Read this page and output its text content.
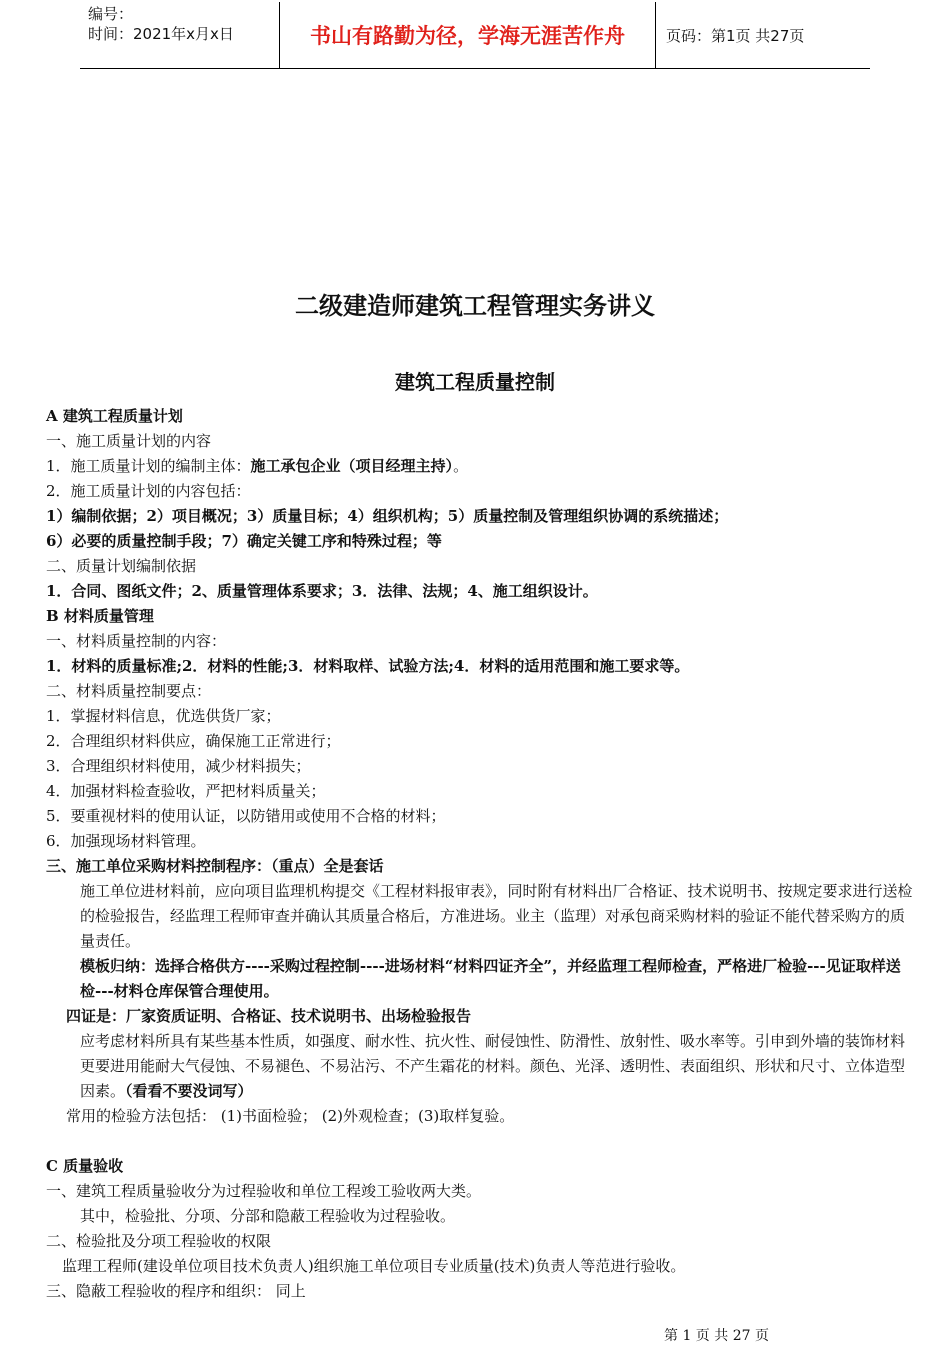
编号：
时间：2021年x月x日	书山有路勤为径，学海无涯苦作舟	页码：第1页 共27页
二级建造师建筑工程管理实务讲义
建筑工程质量控制

A 建筑工程质量计划

一、施工质量计划的内容

1．施工质量计划的编制主体：施工承包企业（项目经理主持）。

2．施工质量计划的内容包括：

1）编制依据；2）项目概况；3）质量目标；4）组织机构；5）质量控制及管理组织协调的系统描述；

6）必要的质量控制手段；7）确定关键工序和特殊过程；等

二、质量计划编制依据

1．合同、图纸文件；2、质量管理体系要求；3．法律、法规；4、施工组织设计。

B 材料质量管理

一、材料质量控制的内容：

1．材料的质量标准;2．材料的性能;3．材料取样、试验方法;4．材料的适用范围和施工要求等。

二、材料质量控制要点：

1．掌握材料信息，优选供货厂家；

2．合理组织材料供应，确保施工正常进行；

3．合理组织材料使用，减少材料损失；

4．加强材料检查验收，严把材料质量关；

5．要重视材料的使用认证，以防错用或使用不合格的材料；

6．加强现场材料管理。

三、施工单位采购材料控制程序：（重点）全是套话

施工单位进材料前，应向项目监理机构提交《工程材料报审表》，同时附有材料出厂合格证、技术说明书、按规定要求进行送检的检验报告，经监理工程师审查并确认其质量合格后，方准进场。业主（监理）对承包商采购材料的验证不能代替采购方的质量责任。

模板归纳：选择合格供方----采购过程控制----进场材料“材料四证齐全”，并经监理工程师检查，严格进厂检验---见证取样送检---材料仓库保管合理使用。

四证是：厂家资质证明、合格证、技术说明书、出场检验报告

应考虑材料所具有某些基本性质，如强度、耐水性、抗火性、耐侵蚀性、防滑性、放射性、吸水率等。引申到外墙的装饰材料更要进用能耐大气侵蚀、不易褪色、不易沾污、不产生霜花的材料。颜色、光泽、透明性、表面组织、形状和尺寸、立体造型因素。（看看不要没词写）

常用的检验方法包括： (1)书面检验； (2)外观检查；(3)取样复验。

C 质量验收

一、建筑工程质量验收分为过程验收和单位工程竣工验收两大类。

其中，检验批、分项、分部和隐蔽工程验收为过程验收。

二、检验批及分项工程验收的权限

监理工程师(建设单位项目技术负责人)组织施工单位项目专业质量(技术)负责人等范进行验收。

三、隐蔽工程验收的程序和组织： 同上

第 1 页 共 27 页
